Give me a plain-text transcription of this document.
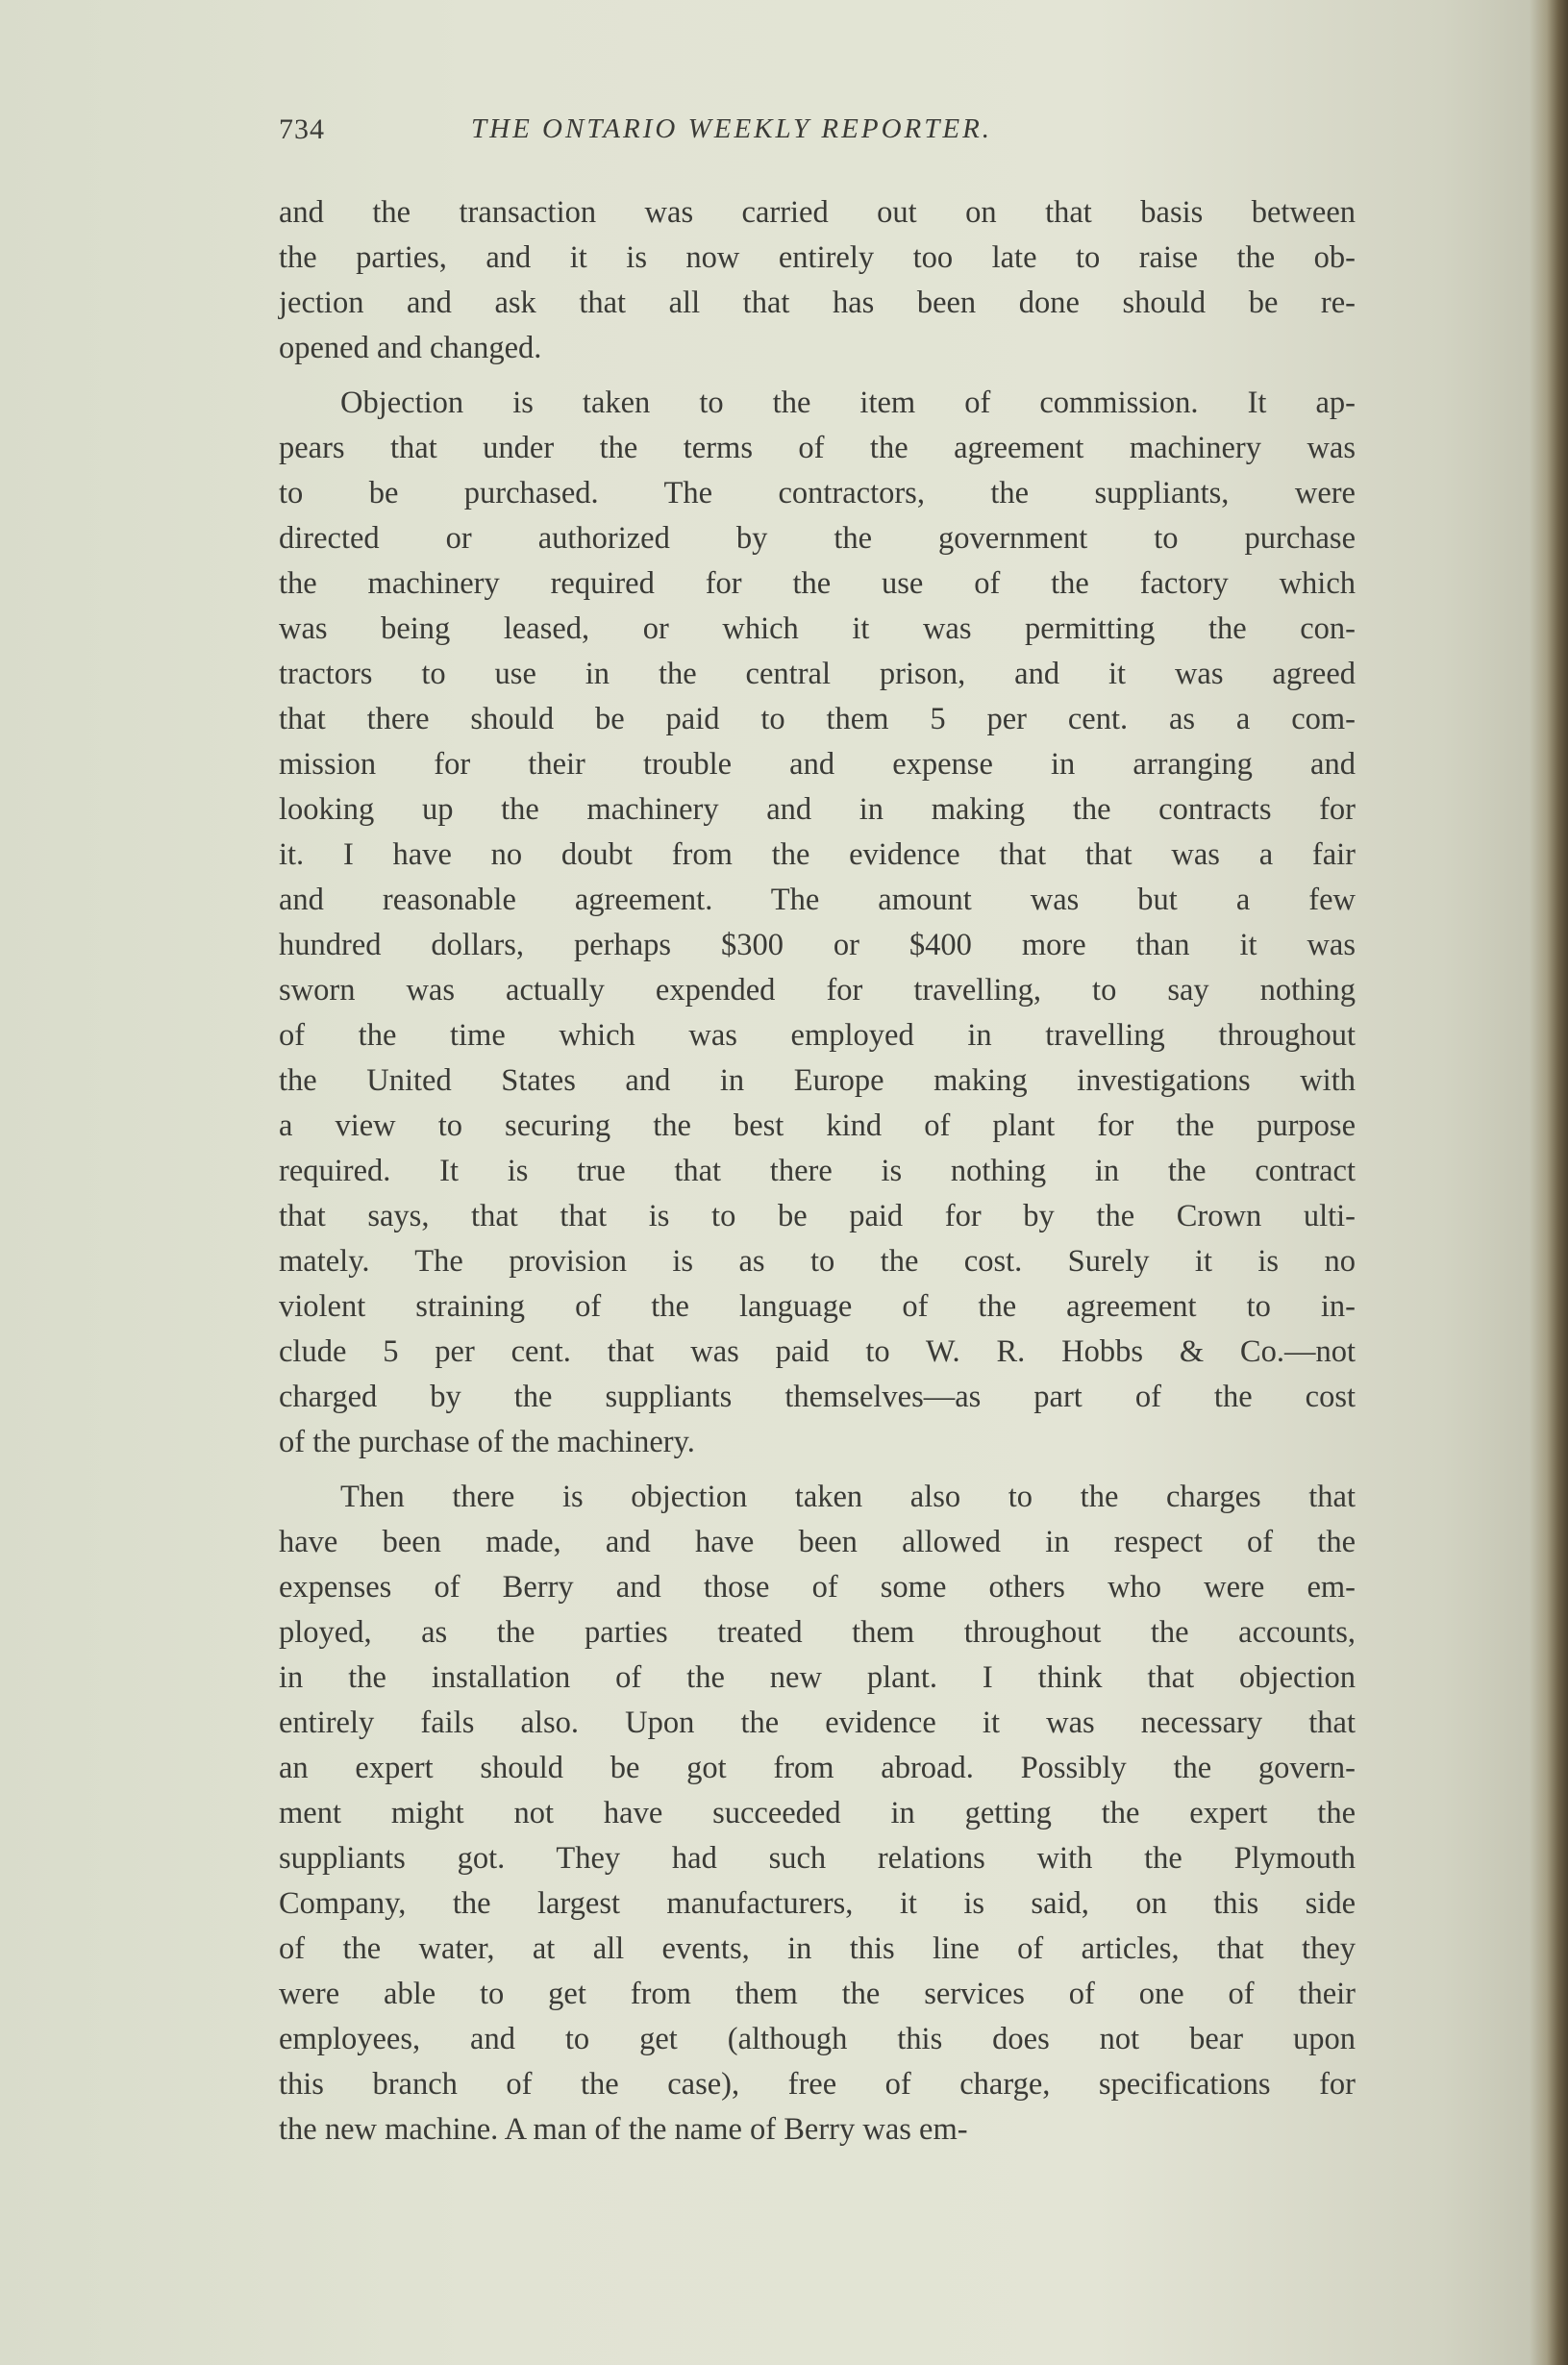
734	THE ONTARIO WEEKLY REPORTER.

and the transaction was carried out on that basis between
the parties, and it is now entirely too late to raise the ob-
jection and ask that all that has been done should be re-
opened and changed.

Objection is taken to the item of commission. It ap-
pears that under the terms of the agreement machinery was
to be purchased. The contractors, the suppliants, were
directed or authorized by the government to purchase
the machinery required for the use of the factory which
was being leased, or which it was permitting the con-
tractors to use in the central prison, and it was agreed
that there should be paid to them 5 per cent. as a com-
mission for their trouble and expense in arranging and
looking up the machinery and in making the contracts for
it. I have no doubt from the evidence that that was a fair
and reasonable agreement. The amount was but a few
hundred dollars, perhaps $300 or $400 more than it was
sworn was actually expended for travelling, to say nothing
of the time which was employed in travelling throughout
the United States and in Europe making investigations with
a view to securing the best kind of plant for the purpose
required. It is true that there is nothing in the contract
that says, that that is to be paid for by the Crown ulti-
mately. The provision is as to the cost. Surely it is no
violent straining of the language of the agreement to in-
clude 5 per cent. that was paid to W. R. Hobbs & Co.—not
charged by the suppliants themselves—as part of the cost
of the purchase of the machinery.

Then there is objection taken also to the charges that
have been made, and have been allowed in respect of the
expenses of Berry and those of some others who were em-
ployed, as the parties treated them throughout the accounts,
in the installation of the new plant. I think that objection
entirely fails also. Upon the evidence it was necessary that
an expert should be got from abroad. Possibly the govern-
ment might not have succeeded in getting the expert the
suppliants got. They had such relations with the Plymouth
Company, the largest manufacturers, it is said, on this side
of the water, at all events, in this line of articles, that they
were able to get from them the services of one of their
employees, and to get (although this does not bear upon
this branch of the case), free of charge, specifications for
the new machine. A man of the name of Berry was em-
